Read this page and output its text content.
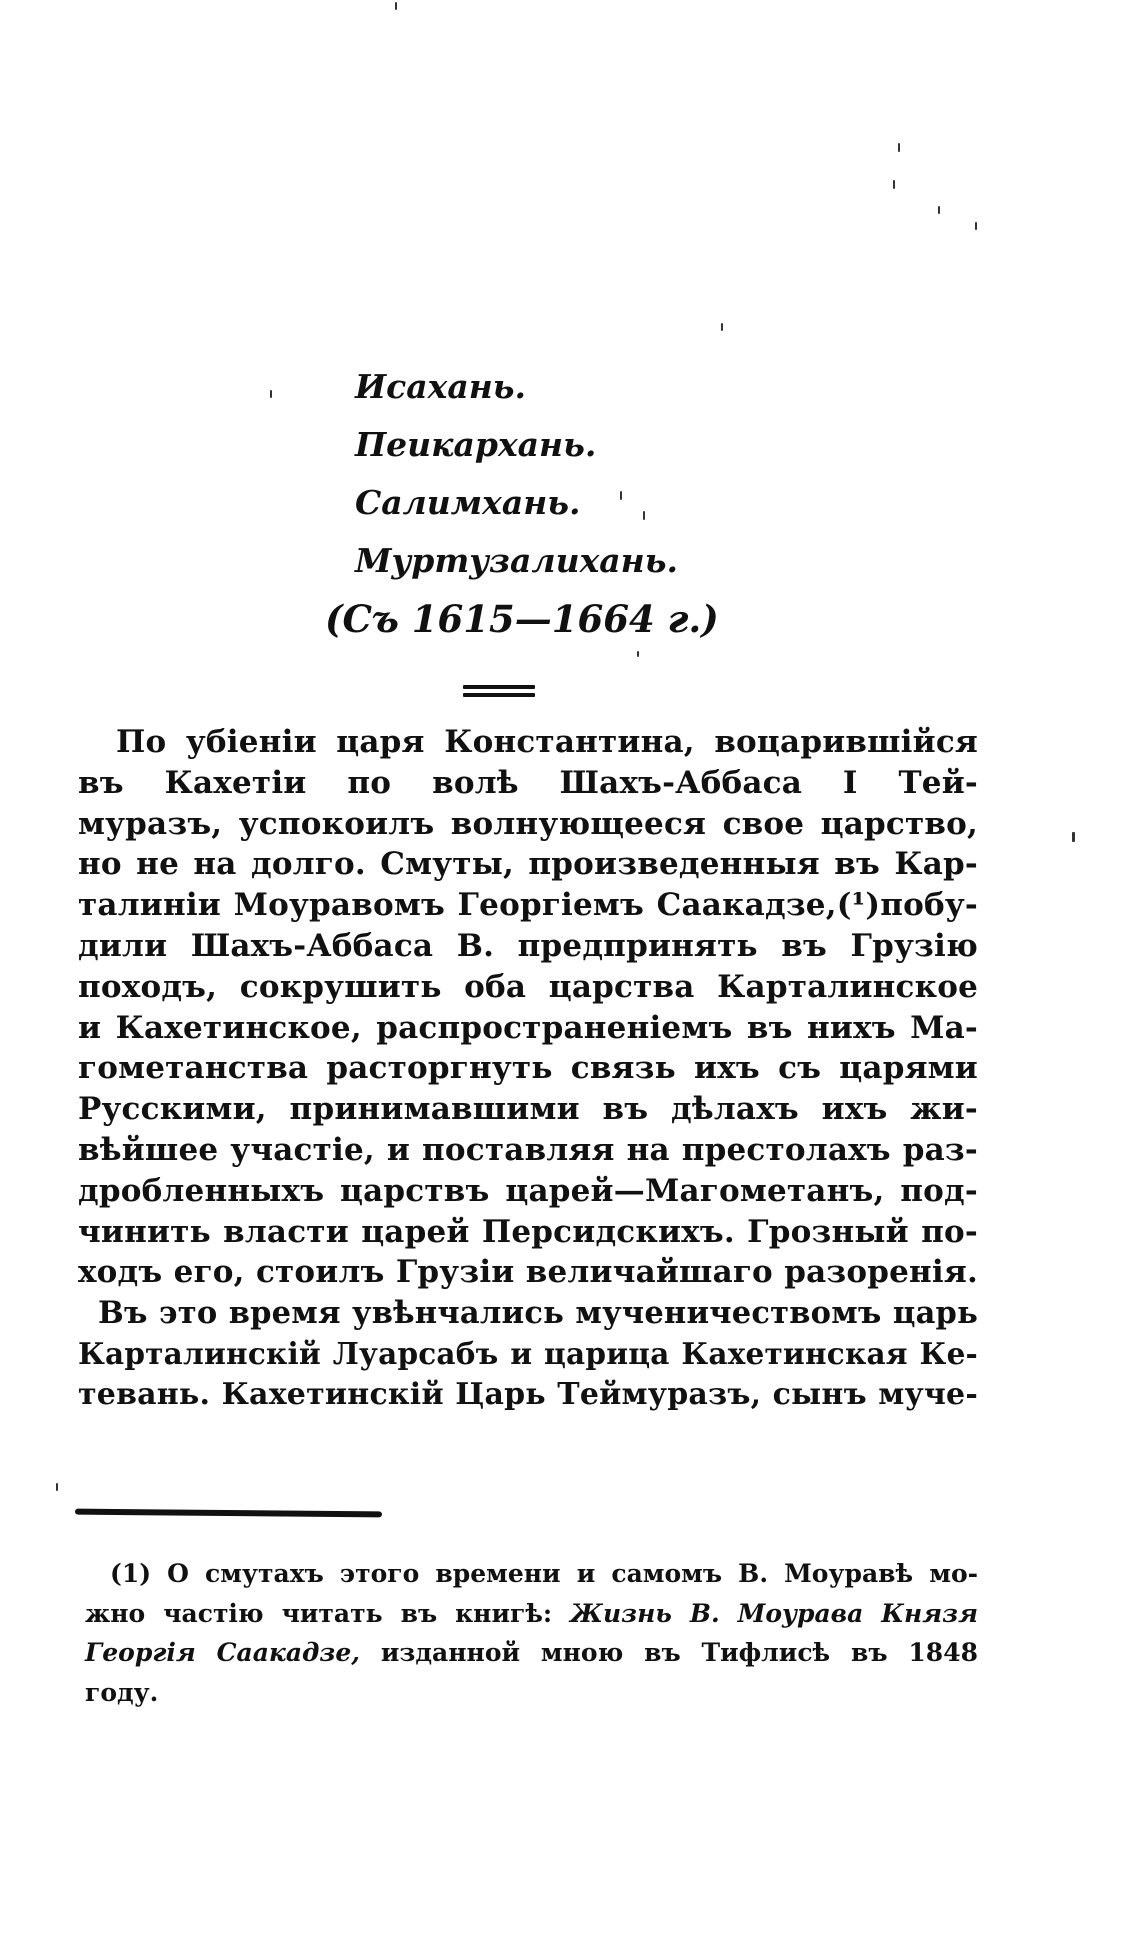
Исахань.
Пеикархань.
Салимхань.
Муртузалихань.
(Съ 1615—1664 г.)
По убіеніи царя Константина, воцарившійся
въ Кахетіи по волѣ Шахъ-Аббаса I Тей-
муразъ, успокоилъ волнующееся свое царство,
но не на долго. Смуты, произведенныя въ Кар-
талиніи Моуравомъ Георгіемъ Саакадзе,(¹)побу-
дили Шахъ-Аббаса В. предпринять въ Грузію
походъ, сокрушить оба царства Карталинское
и Кахетинское, распространеніемъ въ нихъ Ма-
гометанства расторгнуть связь ихъ съ царями
Русскими, принимавшими въ дѣлахъ ихъ жи-
вѣйшее участіе, и поставляя на престолахъ раз-
дробленныхъ царствъ царей—Магометанъ, под-
чинить власти царей Персидскихъ. Грозный по-
ходъ его, стоилъ Грузіи величайшаго разоренія.
Въ это время увѣнчались мученичествомъ царь
Карталинскій Луарсабъ и царица Кахетинская Ке-
тевань. Кахетинскій Царь Теймуразъ, сынъ муче-
(1) О смутахъ этого времени и самомъ В. Моуравѣ мо-
жно частію читать въ книгѣ: Жизнь В. Моурава Князя
Георгія Саакадзе, изданной мною въ Тифлисѣ въ 1848
году.
